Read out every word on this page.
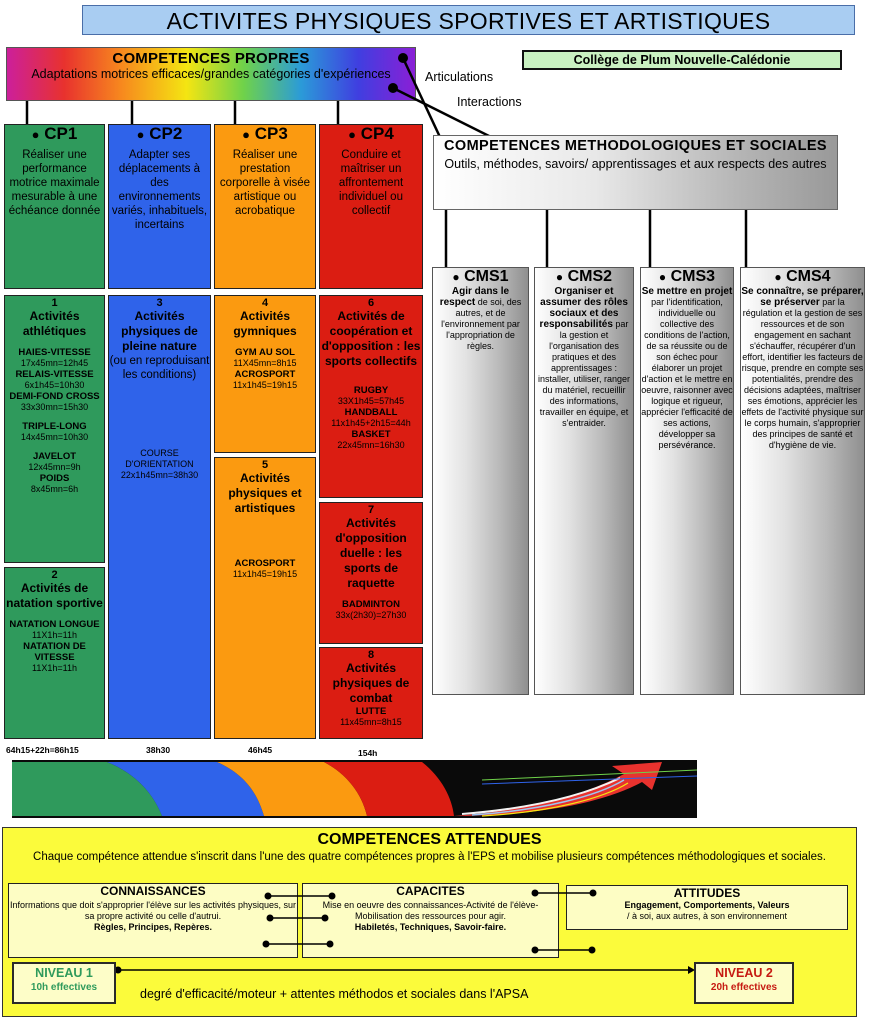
ACTIVITES PHYSIQUES SPORTIVES ET ARTISTIQUES
COMPETENCES PROPRES
Adaptations motrices efficaces/grandes catégories d'expériences
Collège de Plum Nouvelle-Calédonie
Articulations
Interactions
● CP1
Réaliser une performance motrice maximale mesurable à une échéance donnée
● CP2
Adapter ses déplacements à des environnements variés, inhabituels, incertains
● CP3
Réaliser une prestation corporelle à visée artistique ou acrobatique
● CP4
Conduire et maîtriser un affrontement individuel ou collectif
1
Activités athlétiques
HAIES-VITESSE
17x45mn=12h45
RELAIS-VITESSE
6x1h45=10h30
DEMI-FOND CROSS
33x30mn=15h30
TRIPLE-LONG
14x45mn=10h30
JAVELOT
12x45mn=9h
POIDS
8x45mn=6h
2
Activités de natation sportive
NATATION LONGUE
11X1h=11h
NATATION DE VITESSE
11X1h=11h
3
Activités physiques de pleine nature
(ou en reproduisant les conditions)
COURSE D'ORIENTATION
22x1h45mn=38h30
4
Activités gymniques
GYM AU SOL
11X45mn=8h15
ACROSPORT
11x1h45=19h15
5
Activités physiques et artistiques
ACROSPORT
11x1h45=19h15
6
Activités de coopération et d'opposition : les sports collectifs
RUGBY
33X1h45=57h45
HANDBALL
11x1h45+2h15=44h
BASKET
22x45mn=16h30
7
Activités d'opposition duelle : les sports de raquette
BADMINTON
33x(2h30)=27h30
8
Activités physiques de combat
LUTTE
11x45mn=8h15
64h15+22h=86h15	38h30	46h45	154h
COMPETENCES METHODOLOGIQUES ET SOCIALES
Outils, méthodes, savoirs/ apprentissages et aux respects des autres
● CMS1
Agir dans le respect de soi, des autres, et de l'environnement par l'appropriation de règles.
● CMS2
Organiser et assumer des rôles sociaux et des responsabilités par la gestion et l'organisation des pratiques et des apprentissages : installer, utiliser, ranger du matériel, recueillir des informations, travailler en équipe, et s'entraider.
● CMS3
Se mettre en projet par l'identification, individuelle ou collective des conditions de l'action, de sa réussite ou de son échec pour élaborer un projet d'action et le mettre en oeuvre, raisonner avec logique et rigueur, apprécier l'efficacité de ses actions, développer sa persévérance.
● CMS4
Se connaître, se préparer, se préserver par la régulation et la gestion de ses ressources et de son engagement en sachant s'échauffer, récupérer d'un effort, identifier les facteurs de risque, prendre en compte ses potentialités, prendre des décisions adaptées, maîtriser ses émotions, apprécier les effets de l'activité physique sur le corps humain, s'approprier des principes de santé et d'hygiène de vie.
COMPETENCES ATTENDUES
Chaque compétence attendue s'inscrit dans l'une des quatre compétences propres à l'EPS et mobilise plusieurs compétences méthodologiques et sociales.
CONNAISSANCES
Informations que doit s'approprier l'élève sur les activités physiques, sur sa propre activité ou celle d'autrui.
Règles, Principes, Repères.
CAPACITES
Mise en oeuvre des connaissances-Activité de l'élève-Mobilisation des ressources pour agir.
Habiletés, Techniques, Savoir-faire.
ATTITUDES
Engagement, Comportements, Valeurs
/ à soi, aux autres, à son environnement
NIVEAU 1
10h effectives
NIVEAU 2
20h effectives
degré d'efficacité/moteur + attentes méthodos et sociales dans l'APSA
